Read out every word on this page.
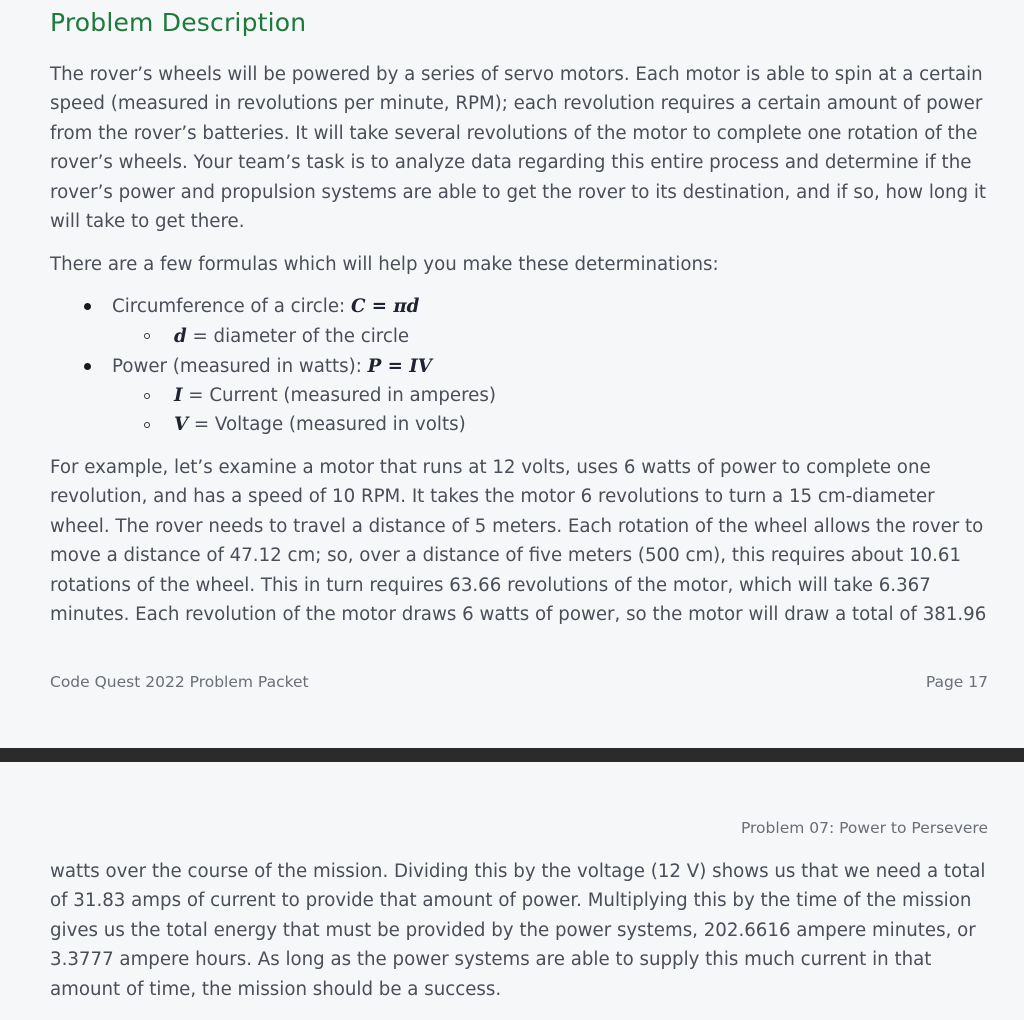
Problem Description

The rover’s wheels will be powered by a series of servo motors. Each motor is able to spin at a certain speed (measured in revolutions per minute, RPM); each revolution requires a certain amount of power from the rover’s batteries. It will take several revolutions of the motor to complete one rotation of the rover’s wheels. Your team’s task is to analyze data regarding this entire process and determine if the rover’s power and propulsion systems are able to get the rover to its destination, and if so, how long it will take to get there.

There are a few formulas which will help you make these determinations:

Circumference of a circle: C = πd
d = diameter of the circle
Power (measured in watts): P = IV
I = Current (measured in amperes)
V = Voltage (measured in volts)

For example, let’s examine a motor that runs at 12 volts, uses 6 watts of power to complete one revolution, and has a speed of 10 RPM. It takes the motor 6 revolutions to turn a 15 cm-diameter wheel. The rover needs to travel a distance of 5 meters. Each rotation of the wheel allows the rover to move a distance of 47.12 cm; so, over a distance of five meters (500 cm), this requires about 10.61 rotations of the wheel. This in turn requires 63.66 revolutions of the motor, which will take 6.367 minutes. Each revolution of the motor draws 6 watts of power, so the motor will draw a total of 381.96

Code Quest 2022 Problem Packet	Page 17
Problem 07: Power to Persevere

watts over the course of the mission. Dividing this by the voltage (12 V) shows us that we need a total of 31.83 amps of current to provide that amount of power. Multiplying this by the time of the mission gives us the total energy that must be provided by the power systems, 202.6616 ampere minutes, or 3.3777 ampere hours. As long as the power systems are able to supply this much current in that amount of time, the mission should be a success.
